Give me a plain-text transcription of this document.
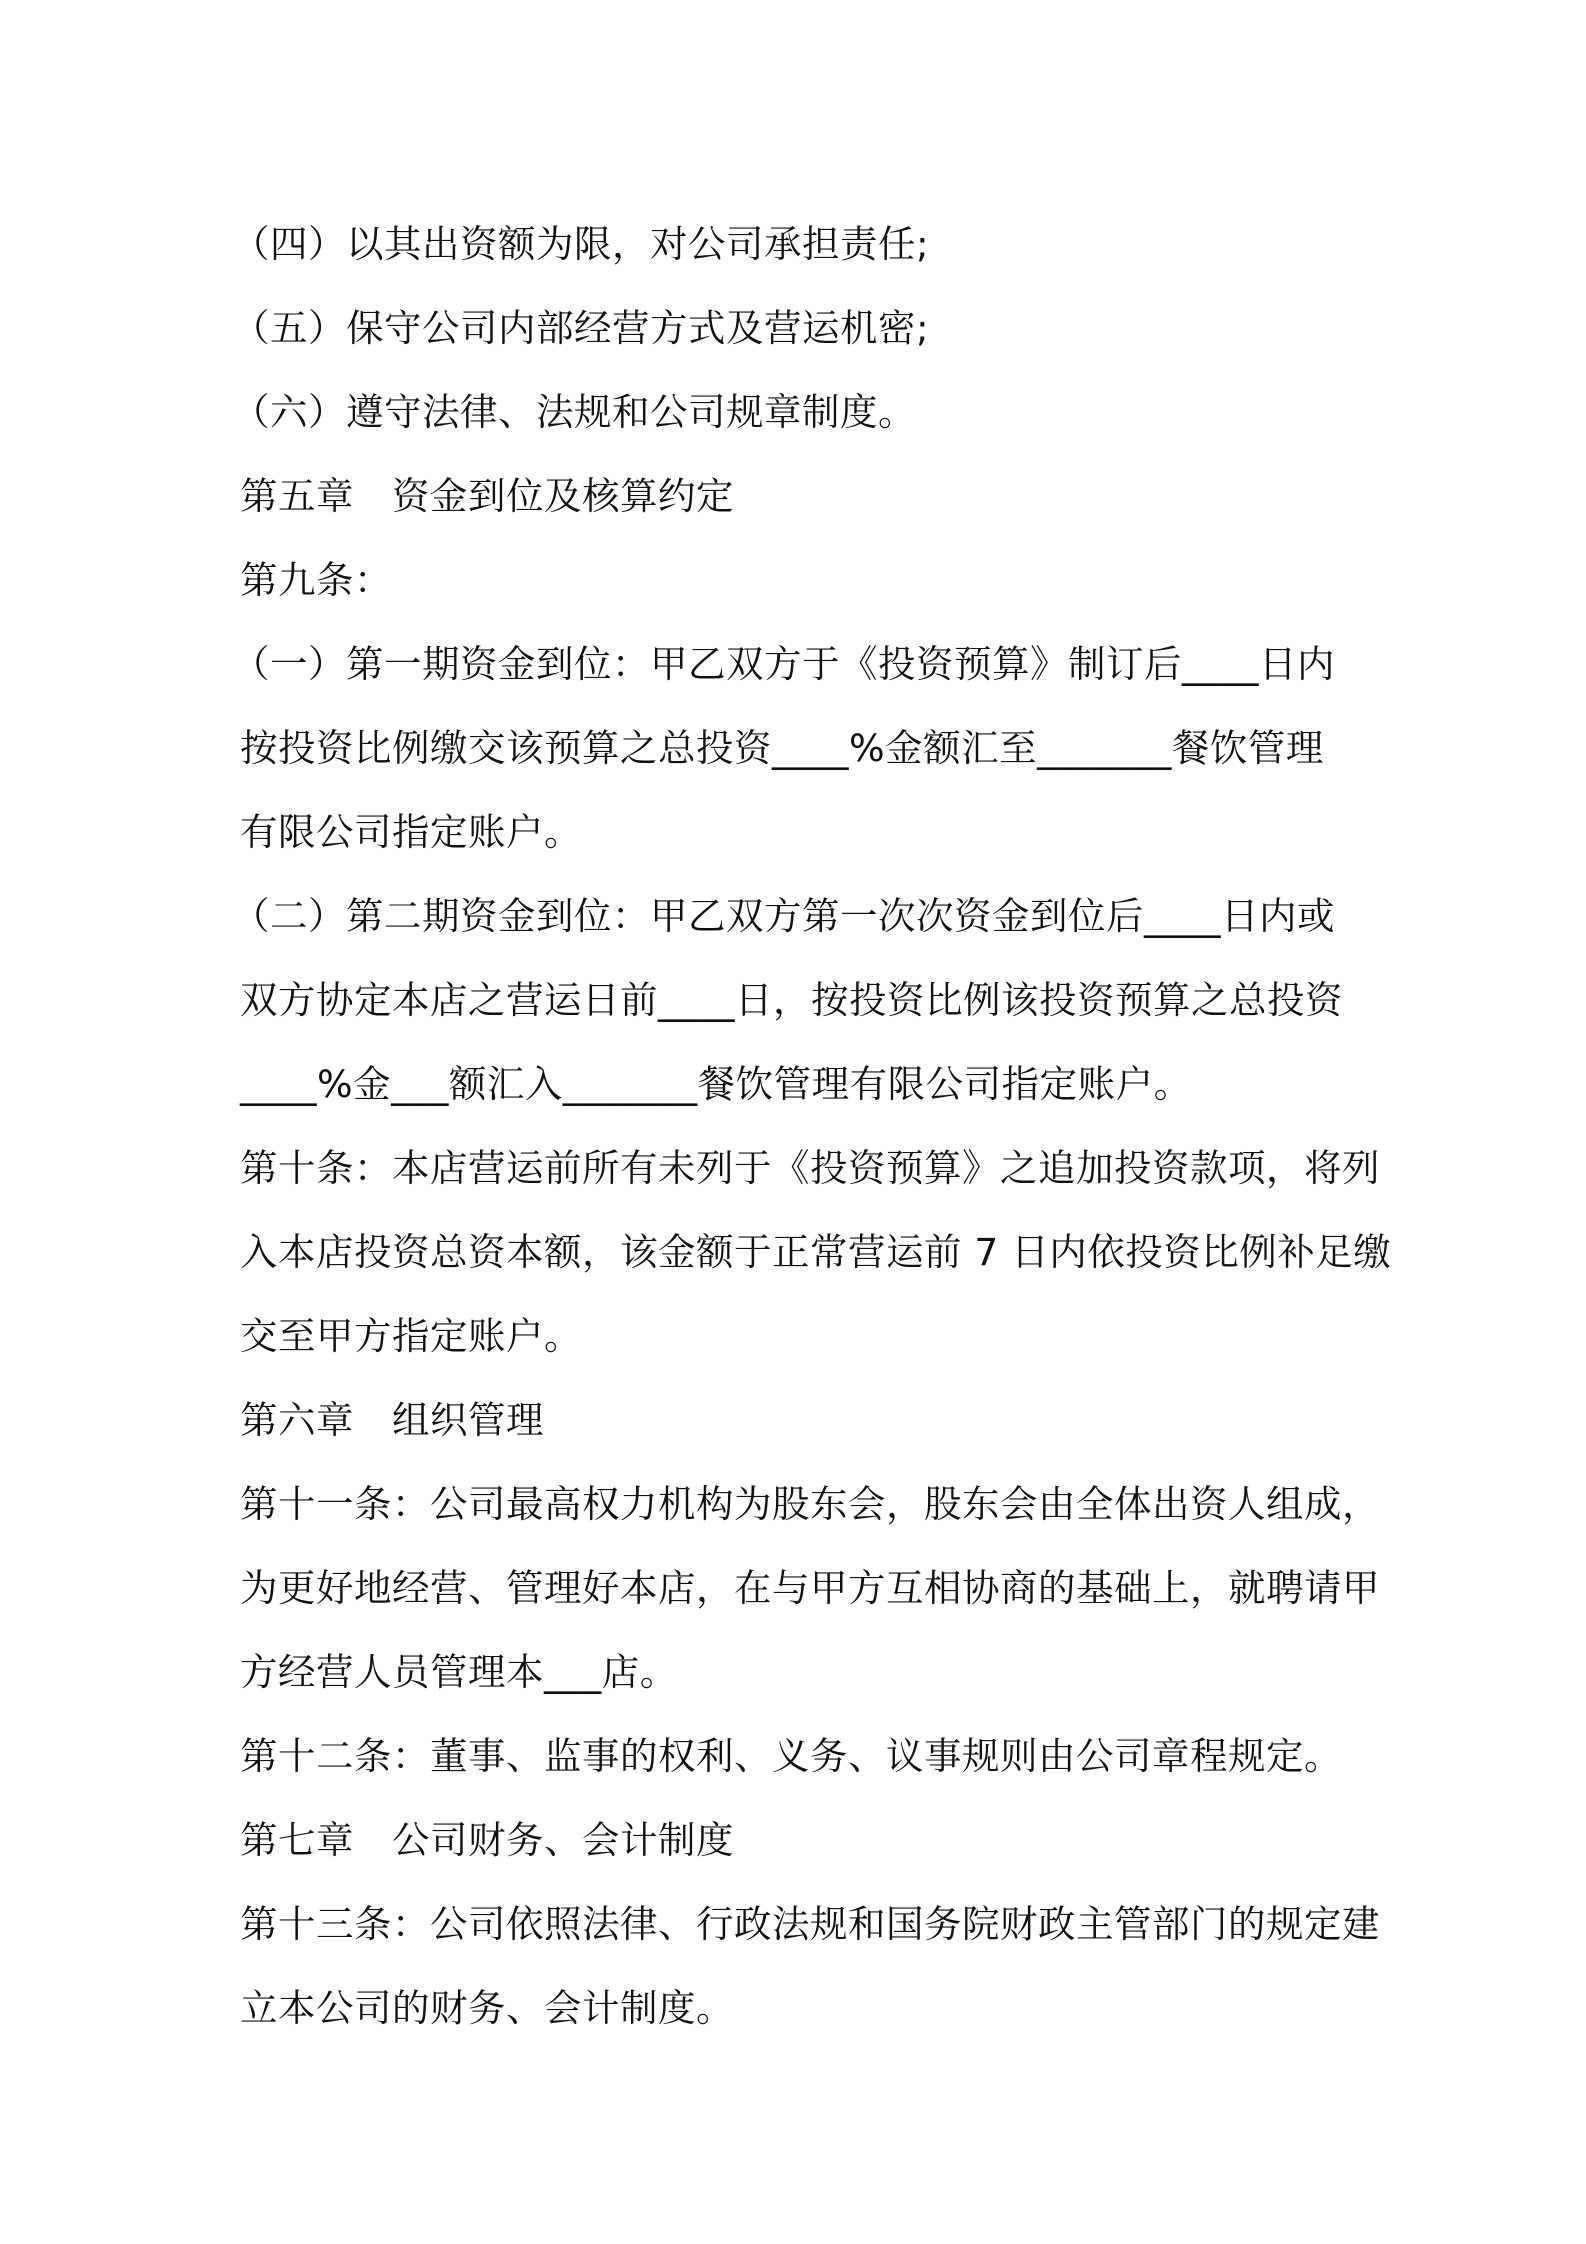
（四）以其出资额为限，对公司承担责任;
（五）保守公司内部经营方式及营运机密;
（六）遵守法律、法规和公司规章制度。
第五章　资金到位及核算约定
第九条：
（一）第一期资金到位：甲乙双方于《投资预算》制订后____日内
按投资比例缴交该预算之总投资____%金额汇至_______餐饮管理
有限公司指定账户。
（二）第二期资金到位：甲乙双方第一次次资金到位后____日内或
双方协定本店之营运日前____日，按投资比例该投资预算之总投资
____%金___额汇入_______餐饮管理有限公司指定账户。
第十条：本店营运前所有未列于《投资预算》之追加投资款项，将列
入本店投资总资本额，该金额于正常营运前 7 日内依投资比例补足缴
交至甲方指定账户。
第六章　组织管理
第十一条：公司最高权力机构为股东会，股东会由全体出资人组成，
为更好地经营、管理好本店，在与甲方互相协商的基础上，就聘请甲
方经营人员管理本___店。
第十二条：董事、监事的权利、义务、议事规则由公司章程规定。
第七章　公司财务、会计制度
第十三条：公司依照法律、行政法规和国务院财政主管部门的规定建
立本公司的财务、会计制度。
